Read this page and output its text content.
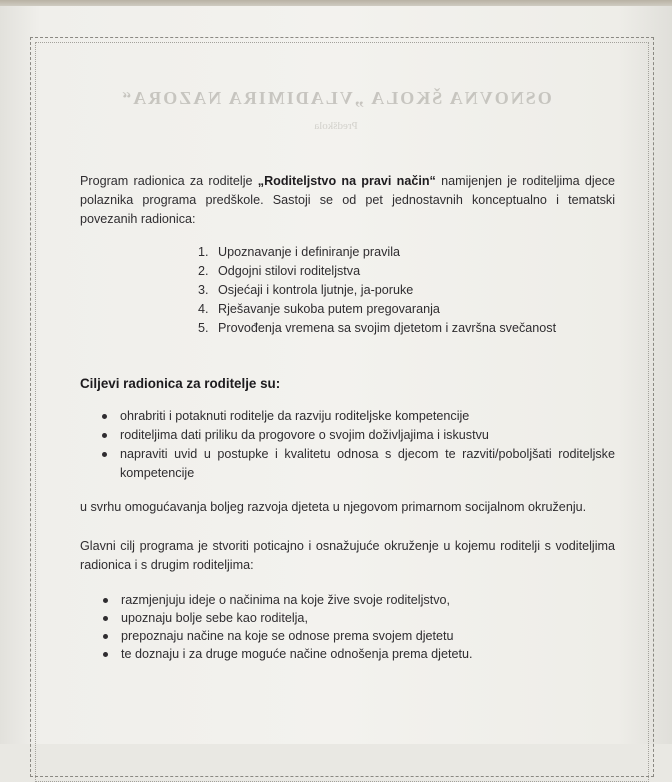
OSNOVNA ŠKOLA „VLADIMIRA NAZORA“
Predškola

Program radionica za roditelje „Roditeljstvo na pravi način“ namijenjen je roditeljima djece polaznika programa predškole. Sastoji se od pet jednostavnih konceptualno i tematski povezanih radionica:

1. Upoznavanje i definiranje pravila
2. Odgojni stilovi roditeljstva
3. Osjećaji i kontrola ljutnje, ja-poruke
4. Rješavanje sukoba putem pregovaranja
5. Provođenja vremena sa svojim djetetom i završna svečanost

Ciljevi radionica za roditelje su:

ohrabriti i potaknuti roditelje da razviju roditeljske kompetencije
roditeljima dati priliku da progovore o svojim doživljajima i iskustvu
napraviti uvid u postupke i kvalitetu odnosa s djecom te razviti/poboljšati roditeljske kompetencije

u svrhu omogućavanja boljeg razvoja djeteta u njegovom primarnom socijalnom okruženju.

Glavni cilj programa je stvoriti poticajno i osnažujuće okruženje u kojemu roditelji s voditeljima radionica i s drugim roditeljima:

razmjenjuju ideje o načinima na koje žive svoje roditeljstvo,
upoznaju bolje sebe kao roditelja,
prepoznaju načine na koje se odnose prema svojem djetetu
te doznaju i za druge moguće načine odnošenja prema djetetu.
